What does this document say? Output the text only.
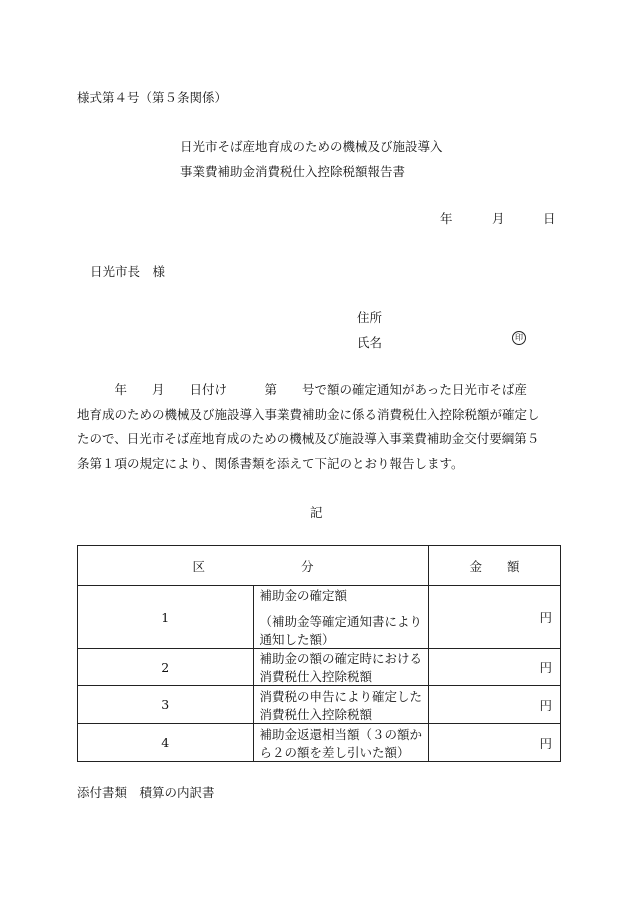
様式第４号（第５条関係）
日光市そば産地育成のための機械及び施設導入
事業費補助金消費税仕入控除税額報告書
年	月	日
日光市長　様
住所
氏名	印

　　　年　　月　　日付け　　　第　　号で額の確定通知があった日光市そば産

地育成のための機械及び施設導入事業費補助金に係る消費税仕入控除税額が確定し

たので、日光市そば産地育成のための機械及び施設導入事業費補助金交付要綱第５

条第１項の規定により、関係書類を添えて下記のとおり報告します。

記
区 分		金　　額
1	補助金の確定額
（補助金等確定通知書により通知した額）	円
2	補助金の額の確定時における消費税仕入控除税額	円
3	消費税の申告により確定した消費税仕入控除税額	円
4	補助金返還相当額（３の額から２の額を差し引いた額）	円
添付書類　積算の内訳書
